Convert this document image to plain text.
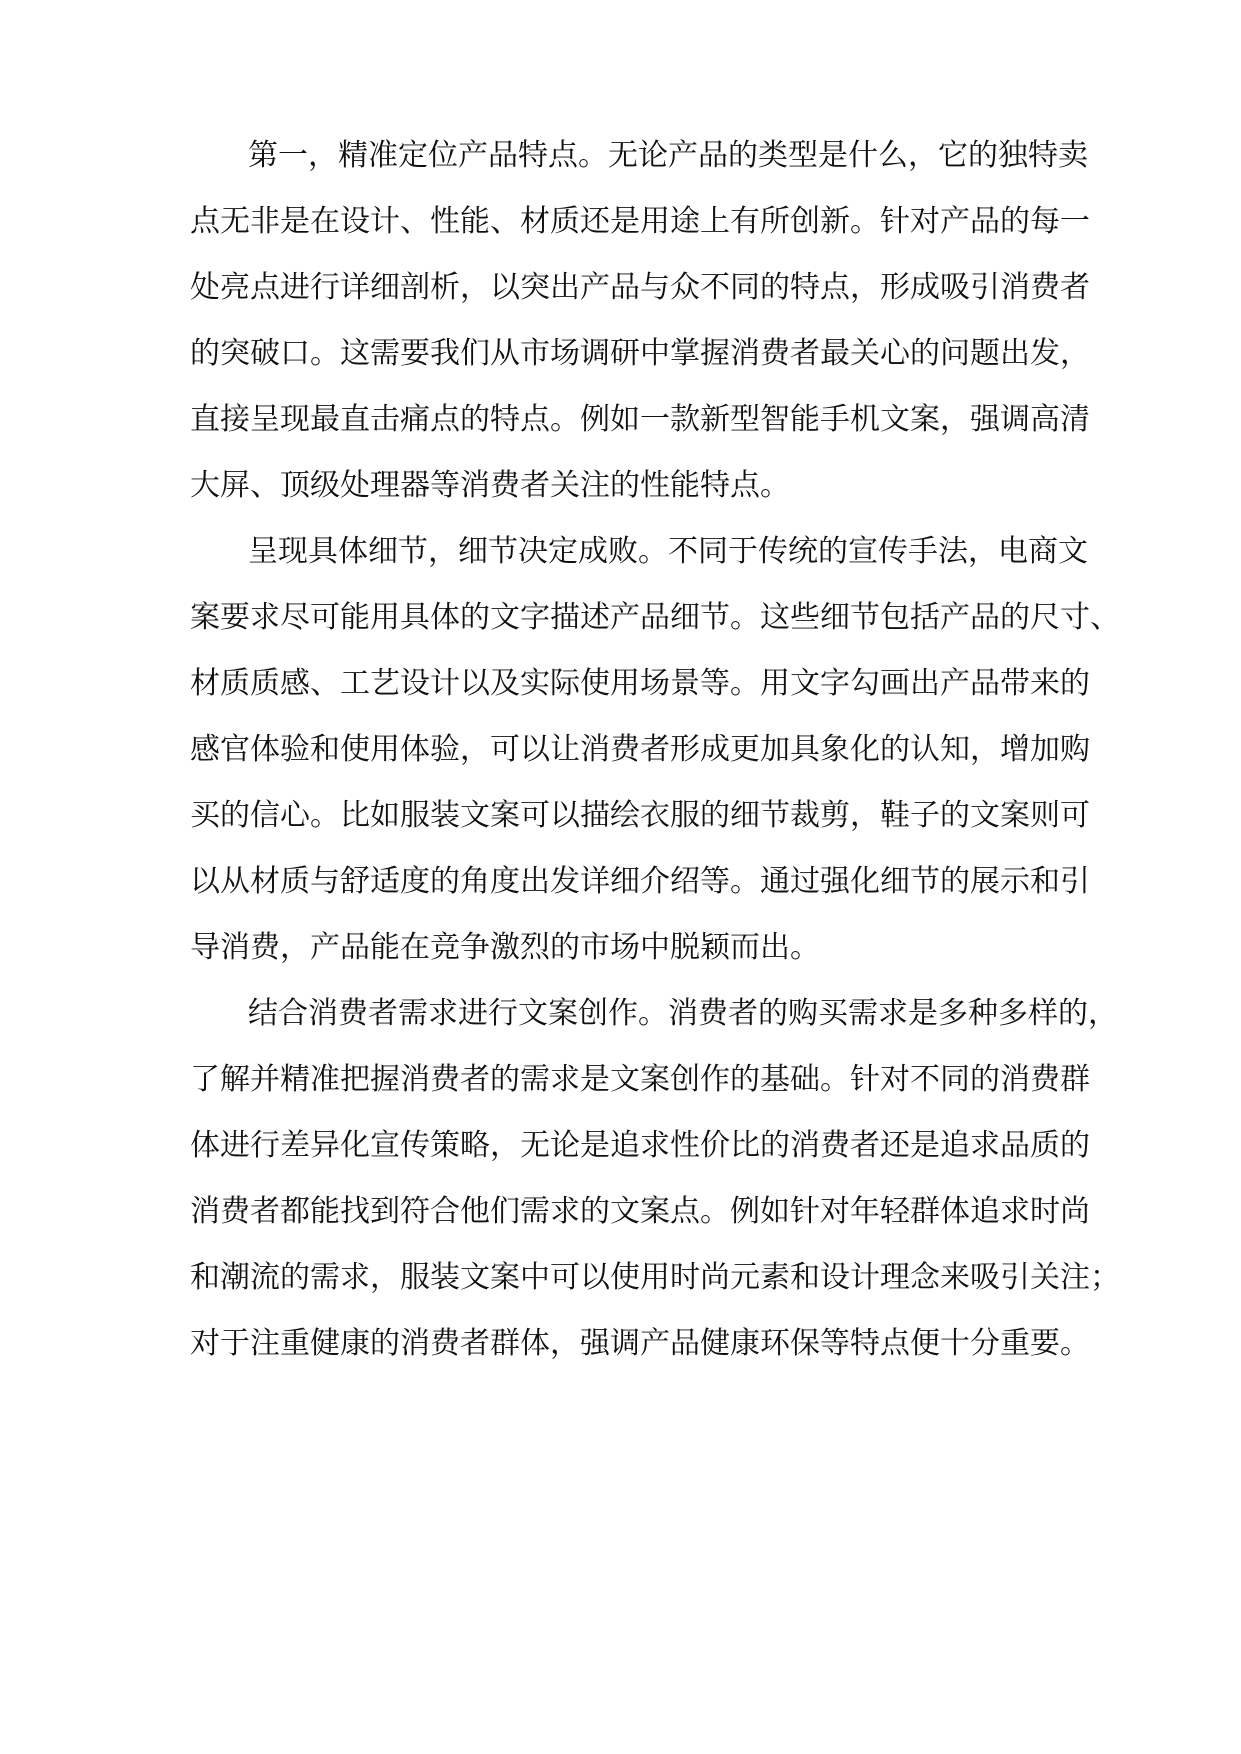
第一，精准定位产品特点。无论产品的类型是什么，它的独特卖
点无非是在设计、性能、材质还是用途上有所创新。针对产品的每一
处亮点进行详细剖析，以突出产品与众不同的特点，形成吸引消费者
的突破口。这需要我们从市场调研中掌握消费者最关心的问题出发，
直接呈现最直击痛点的特点。例如一款新型智能手机文案，强调高清
大屏、顶级处理器等消费者关注的性能特点。
呈现具体细节，细节决定成败。不同于传统的宣传手法，电商文
案要求尽可能用具体的文字描述产品细节。这些细节包括产品的尺寸、
材质质感、工艺设计以及实际使用场景等。用文字勾画出产品带来的
感官体验和使用体验，可以让消费者形成更加具象化的认知，增加购
买的信心。比如服装文案可以描绘衣服的细节裁剪，鞋子的文案则可
以从材质与舒适度的角度出发详细介绍等。通过强化细节的展示和引
导消费，产品能在竞争激烈的市场中脱颖而出。
结合消费者需求进行文案创作。消费者的购买需求是多种多样的，
了解并精准把握消费者的需求是文案创作的基础。针对不同的消费群
体进行差异化宣传策略，无论是追求性价比的消费者还是追求品质的
消费者都能找到符合他们需求的文案点。例如针对年轻群体追求时尚
和潮流的需求，服装文案中可以使用时尚元素和设计理念来吸引关注；
对于注重健康的消费者群体，强调产品健康环保等特点便十分重要。
